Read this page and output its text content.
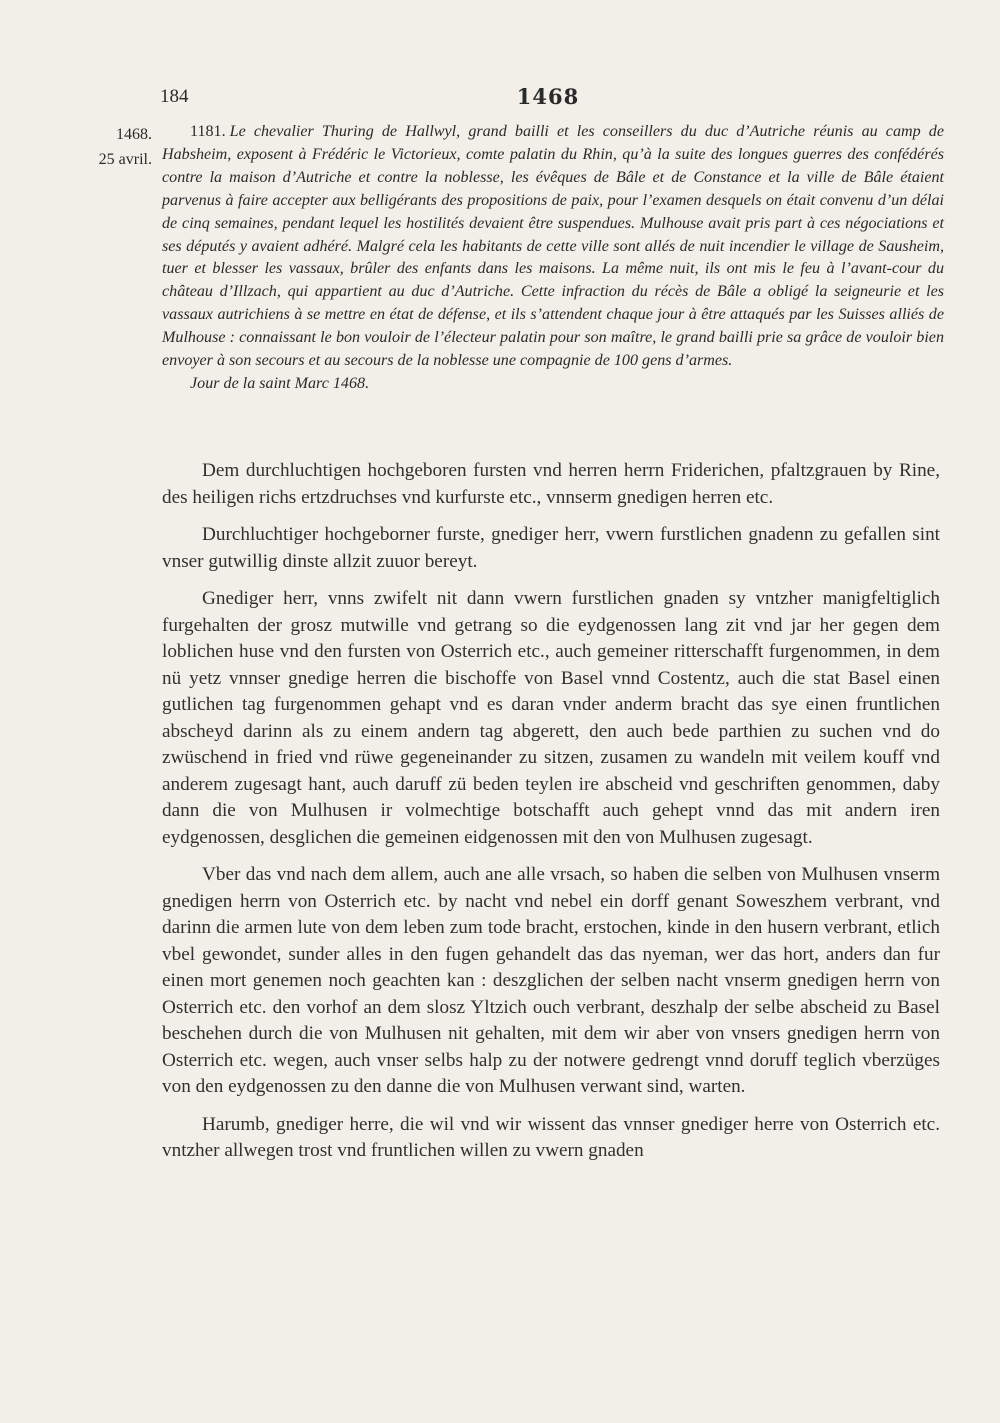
184	1468
1468.
25 avril.
1181. Le chevalier Thuring de Hallwyl, grand bailli et les conseillers du duc d’Autriche réunis au camp de Habsheim, exposent à Frédéric le Victorieux, comte palatin du Rhin, qu’à la suite des longues guerres des confédérés contre la maison d’Autriche et contre la noblesse, les évêques de Bâle et de Constance et la ville de Bâle étaient parvenus à faire accepter aux belligérants des propositions de paix, pour l’examen desquels on était convenu d’un délai de cinq semaines, pendant lequel les hostilités devaient être suspendues. Mulhouse avait pris part à ces négociations et ses députés y avaient adhéré. Malgré cela les habitants de cette ville sont allés de nuit incendier le village de Sausheim, tuer et blesser les vassaux, brûler des enfants dans les maisons. La même nuit, ils ont mis le feu à l’avant-cour du château d’Illzach, qui appartient au duc d’Autriche. Cette infraction du récès de Bâle a obligé la seigneurie et les vassaux autrichiens à se mettre en état de défense, et ils s’attendent chaque jour à être attaqués par les Suisses alliés de Mulhouse : connaissant le bon vouloir de l’électeur palatin pour son maître, le grand bailli prie sa grâce de vouloir bien envoyer à son secours et au secours de la noblesse une compagnie de 100 gens d’armes.
Jour de la saint Marc 1468.

Dem durchluchtigen hochgeboren fursten vnd herren herrn Friderichen, pfaltzgrauen by Rine, des heiligen richs ertzdruchses vnd kurfurste etc., vnnserm gnedigen herren etc.

Durchluchtiger hochgeborner furste, gnediger herr, vwern furstlichen gnadenn zu gefallen sint vnser gutwillig dinste allzit zuuor bereyt.

Gnediger herr, vnns zwifelt nit dann vwern furstlichen gnaden sy vntzher manigfeltiglich furgehalten der grosz mutwille vnd getrang so die eydgenossen lang zit vnd jar her gegen dem loblichen huse vnd den fursten von Osterrich etc., auch gemeiner ritterschafft furgenommen, in dem nü yetz vnnser gnedige herren die bischoffe von Basel vnnd Costentz, auch die stat Basel einen gutlichen tag furgenommen gehapt vnd es daran vnder anderm bracht das sye einen fruntlichen abscheyd darinn als zu einem andern tag abgerett, den auch bede parthien zu suchen vnd do zwüschend in fried vnd rüwe gegeneinander zu sitzen, zusamen zu wandeln mit veilem kouff vnd anderem zugesagt hant, auch daruff zü beden teylen ire abscheid vnd geschriften genommen, daby dann die von Mulhusen ir volmechtige botschafft auch gehept vnnd das mit andern iren eydgenossen, desglichen die gemeinen eidgenossen mit den von Mulhusen zugesagt.

Vber das vnd nach dem allem, auch ane alle vrsach, so haben die selben von Mulhusen vnserm gnedigen herrn von Osterrich etc. by nacht vnd nebel ein dorff genant Soweszhem verbrant, vnd darinn die armen lute von dem leben zum tode bracht, erstochen, kinde in den husern verbrant, etlich vbel gewondet, sunder alles in den fugen gehandelt das das nyeman, wer das hort, anders dan fur einen mort genemen noch geachten kan : deszglichen der selben nacht vnserm gnedigen herrn von Osterrich etc. den vorhof an dem slosz Yltzich ouch verbrant, deszhalp der selbe abscheid zu Basel beschehen durch die von Mulhusen nit gehalten, mit dem wir aber von vnsers gnedigen herrn von Osterrich etc. wegen, auch vnser selbs halp zu der notwere gedrengt vnnd doruff teglich vberzüges von den eydgenossen zu den danne die von Mulhusen verwant sind, warten.

Harumb, gnediger herre, die wil vnd wir wissent das vnnser gnediger herre von Osterrich etc. vntzher allwegen trost vnd fruntlichen willen zu vwern gnaden
